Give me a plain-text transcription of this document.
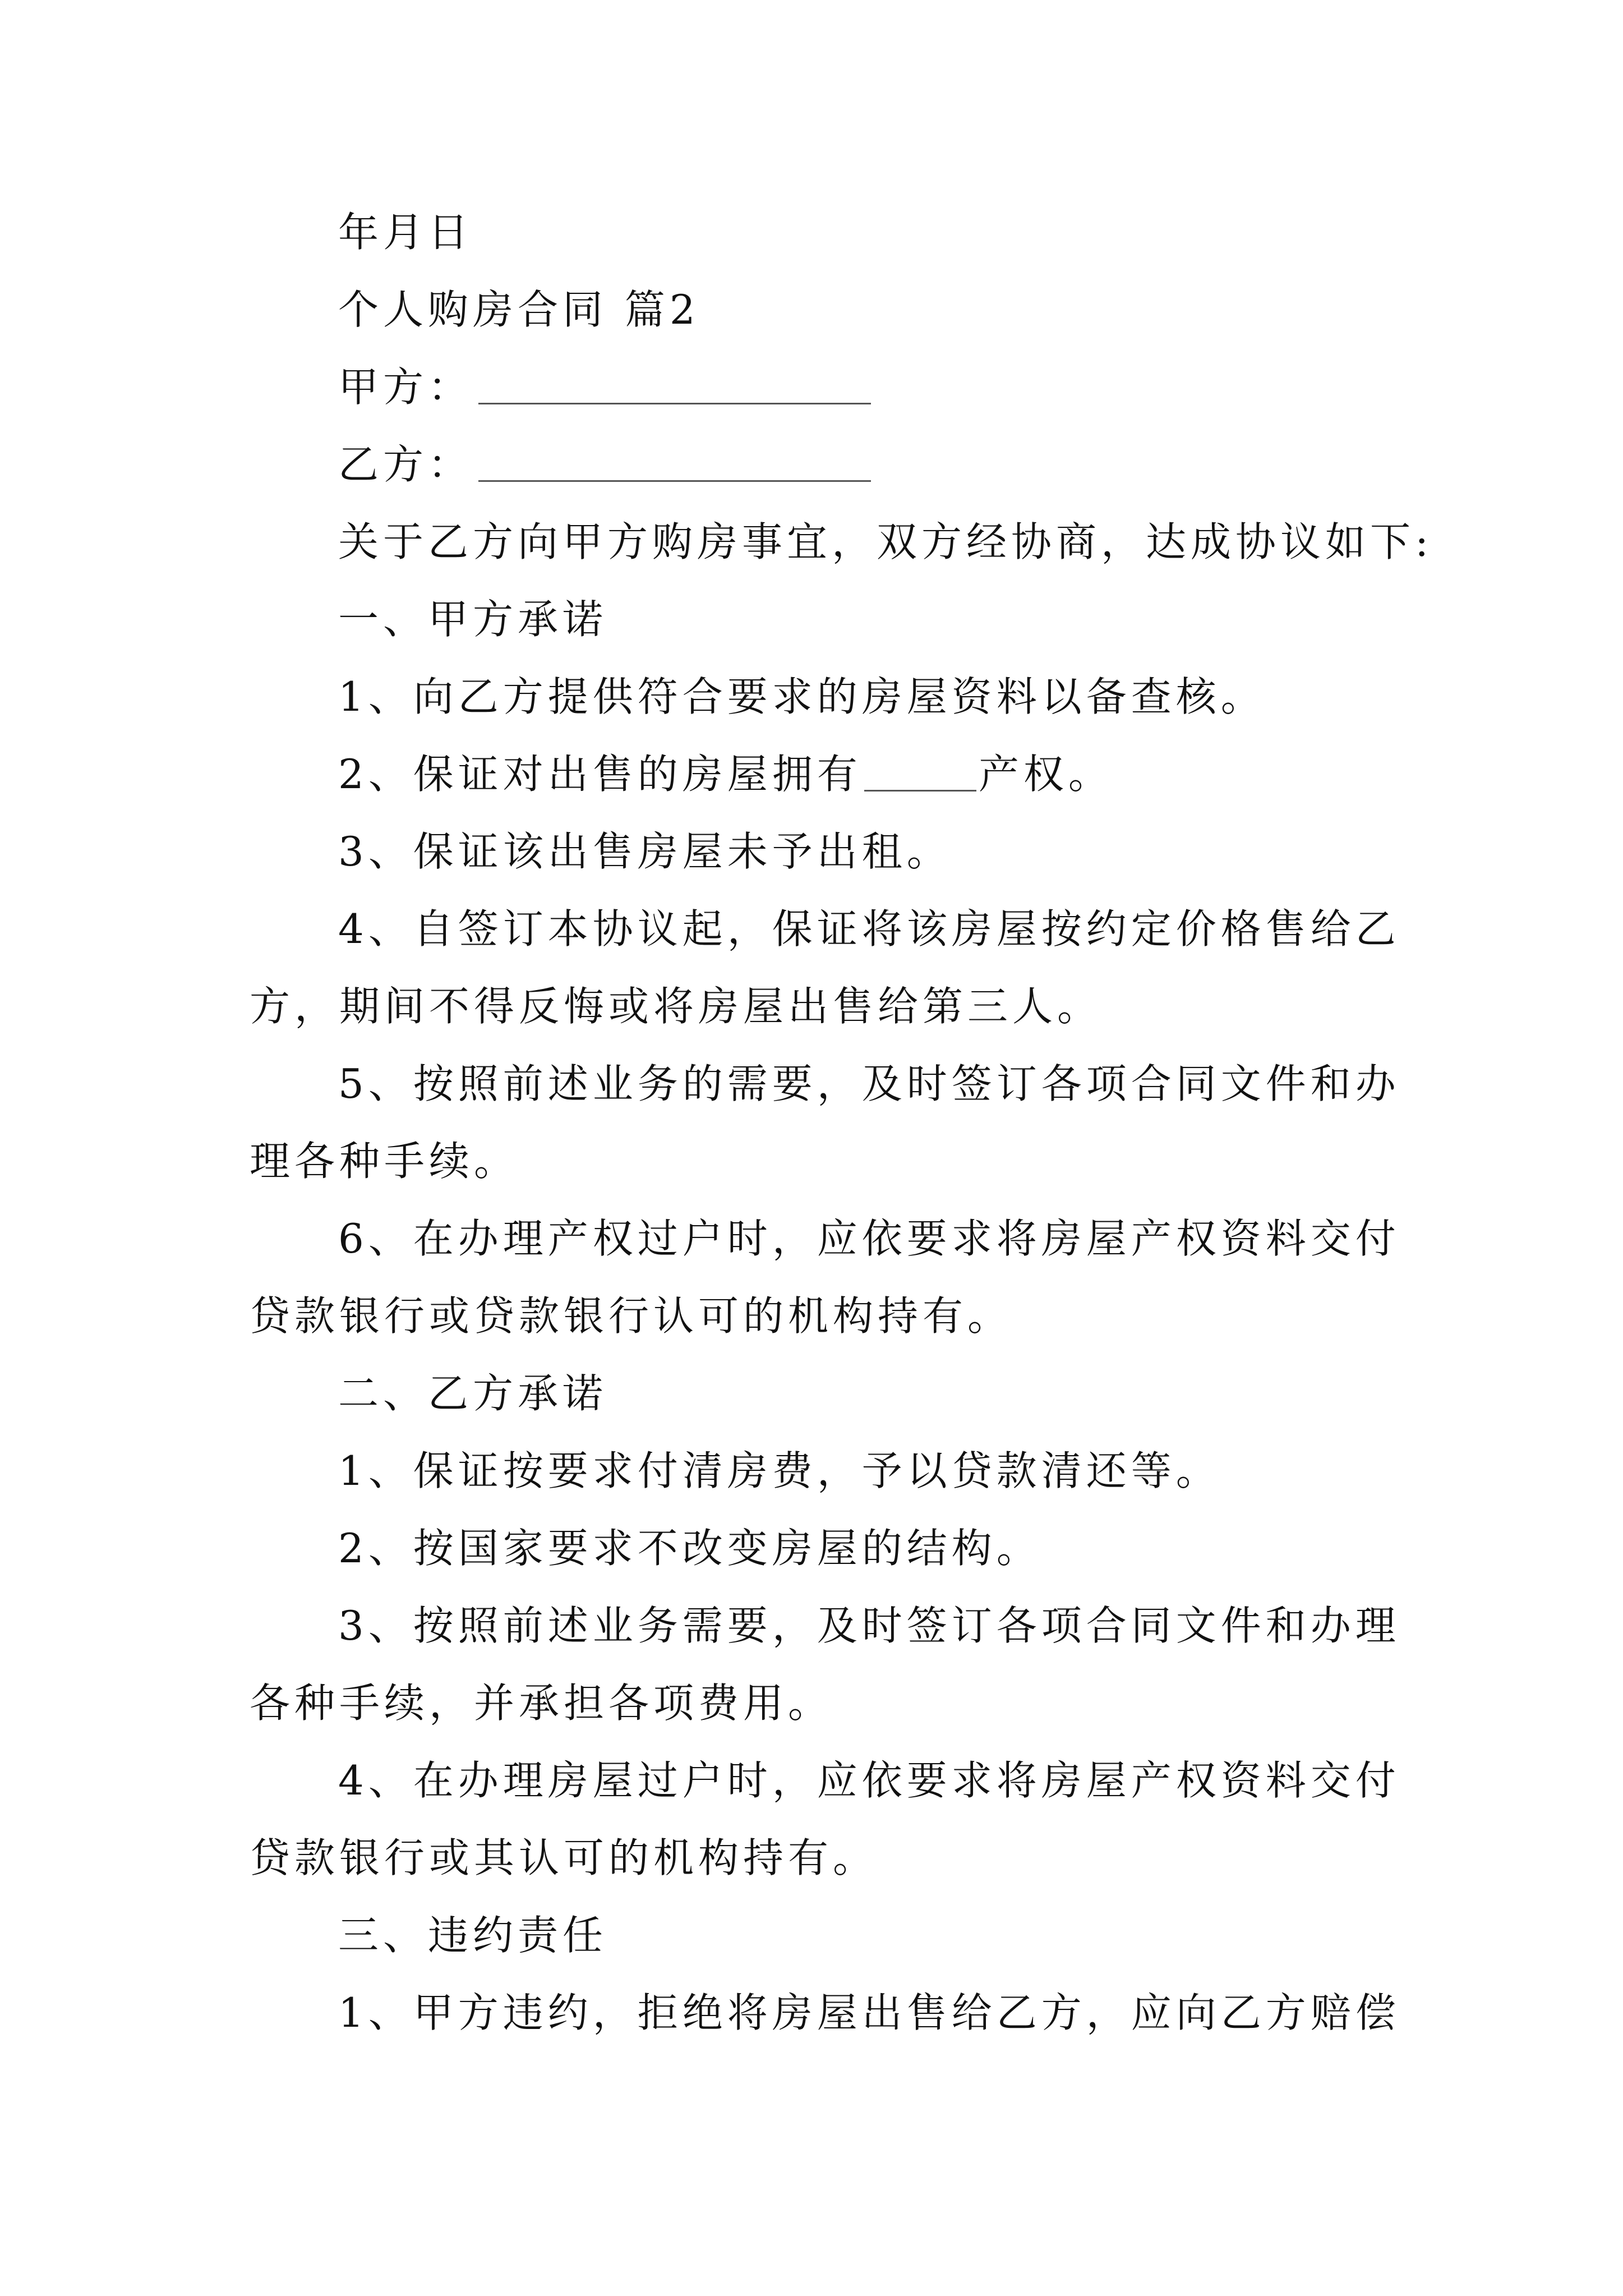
年月日

个人购房合同 篇2

甲方：

乙方：

关于乙方向甲方购房事宜，双方经协商，达成协议如下:

一、甲方承诺

1、向乙方提供符合要求的房屋资料以备查核。

2、保证对出售的房屋拥有	产权。

3、保证该出售房屋未予出租。

4、自签订本协议起，保证将该房屋按约定价格售给乙

方，期间不得反悔或将房屋出售给第三人。

5、按照前述业务的需要，及时签订各项合同文件和办

理各种手续。

6、在办理产权过户时，应依要求将房屋产权资料交付

贷款银行或贷款银行认可的机构持有。

二、乙方承诺

1、保证按要求付清房费，予以贷款清还等。

2、按国家要求不改变房屋的结构。

3、按照前述业务需要，及时签订各项合同文件和办理

各种手续，并承担各项费用。

4、在办理房屋过户时，应依要求将房屋产权资料交付

贷款银行或其认可的机构持有。

三、违约责任

1、甲方违约，拒绝将房屋出售给乙方，应向乙方赔偿
